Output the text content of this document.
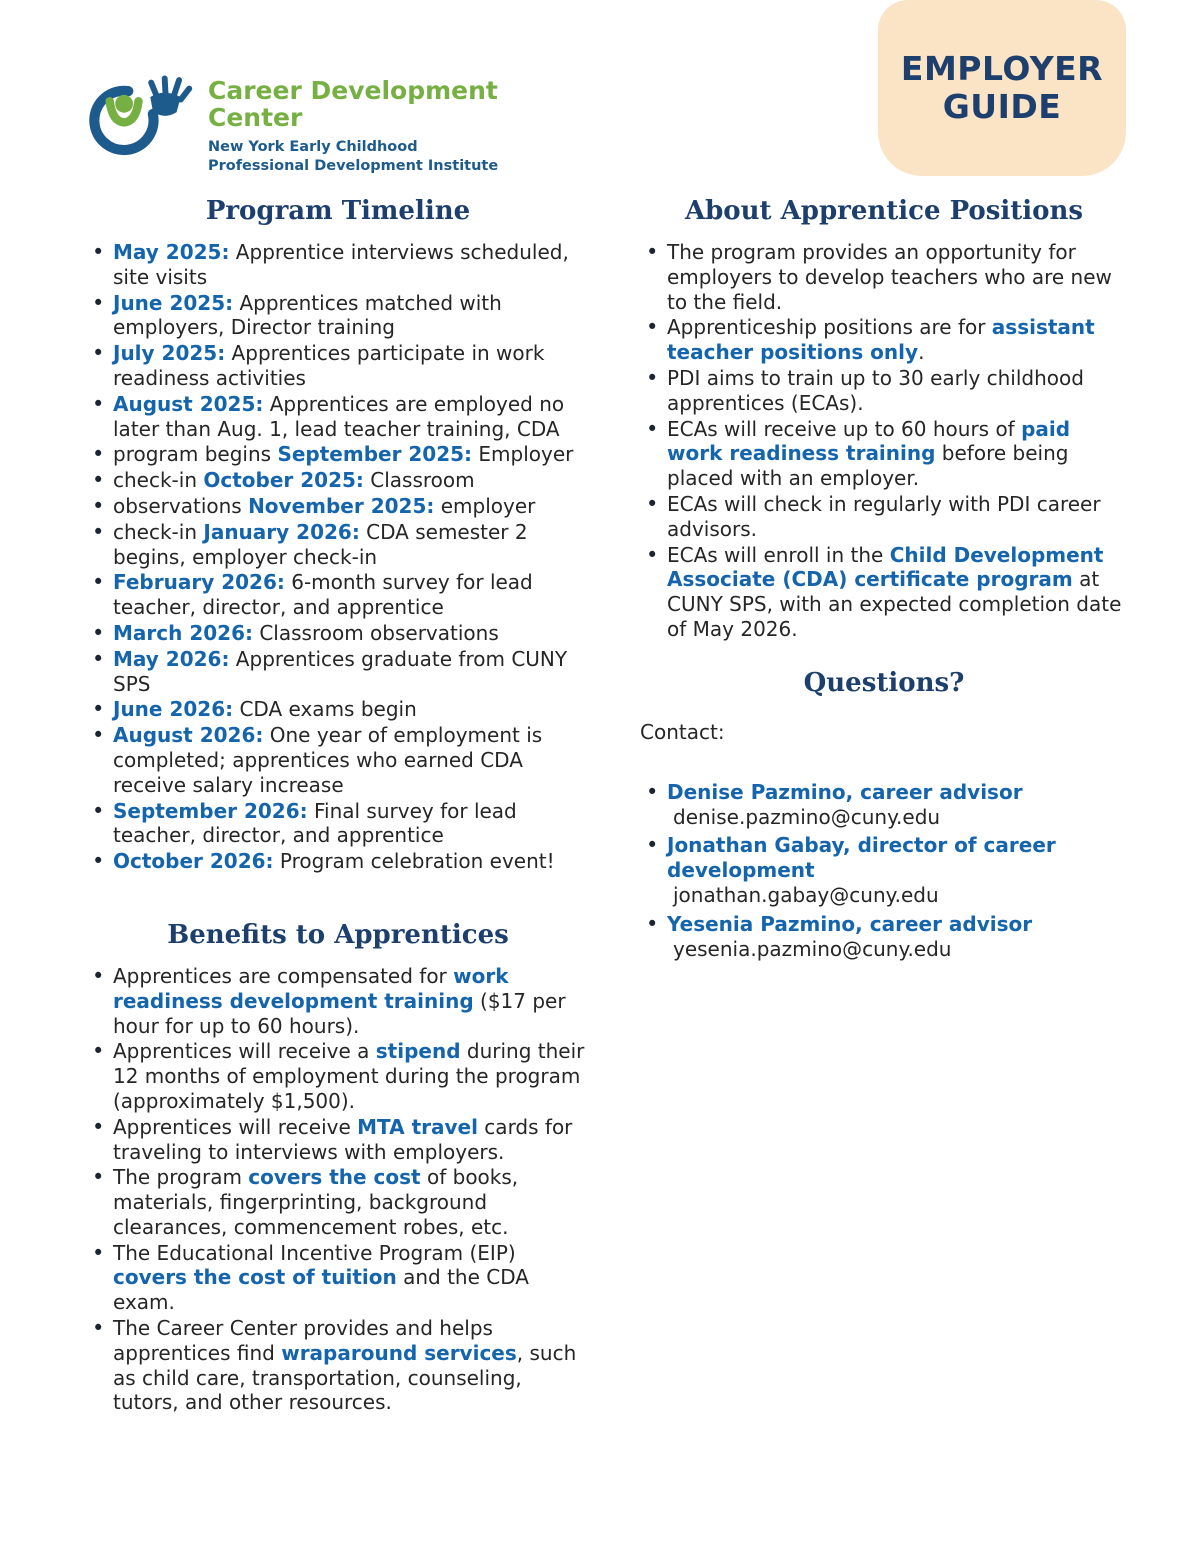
EMPLOYER
GUIDE
Career Development
Center
New York Early Childhood
Professional Development Institute
Program Timeline
• May 2025: Apprentice interviews scheduled, site visits
• June 2025: Apprentices matched with employers, Director training
• July 2025: Apprentices participate in work readiness activities
• August 2025: Apprentices are employed no later than Aug. 1, lead teacher training, CDA
• program begins September 2025: Employer
• check-in October 2025: Classroom
• observations November 2025: employer
• check-in January 2026: CDA semester 2 begins, employer check-in
• February 2026: 6-month survey for lead teacher, director, and apprentice
• March 2026: Classroom observations
• May 2026: Apprentices graduate from CUNY SPS
• June 2026: CDA exams begin
• August 2026: One year of employment is completed; apprentices who earned CDA receive salary increase
• September 2026: Final survey for lead teacher, director, and apprentice
• October 2026: Program celebration event!
Benefits to Apprentices
• Apprentices are compensated for work readiness development training ($17 per hour for up to 60 hours).
• Apprentices will receive a stipend during their 12 months of employment during the program (approximately $1,500).
• Apprentices will receive MTA travel cards for traveling to interviews with employers.
• The program covers the cost of books, materials, fingerprinting, background clearances, commencement robes, etc.
• The Educational Incentive Program (EIP) covers the cost of tuition and the CDA exam.
• The Career Center provides and helps apprentices find wraparound services, such as child care, transportation, counseling, tutors, and other resources.
About Apprentice Positions
• The program provides an opportunity for employers to develop teachers who are new to the field.
• Apprenticeship positions are for assistant teacher positions only.
• PDI aims to train up to 30 early childhood apprentices (ECAs).
• ECAs will receive up to 60 hours of paid work readiness training before being placed with an employer.
• ECAs will check in regularly with PDI career advisors.
• ECAs will enroll in the Child Development Associate (CDA) certificate program at CUNY SPS, with an expected completion date of May 2026.
Questions?
Contact:
• Denise Pazmino, career advisor
denise.pazmino@cuny.edu
• Jonathan Gabay, director of career development
jonathan.gabay@cuny.edu
• Yesenia Pazmino, career advisor
yesenia.pazmino@cuny.edu
